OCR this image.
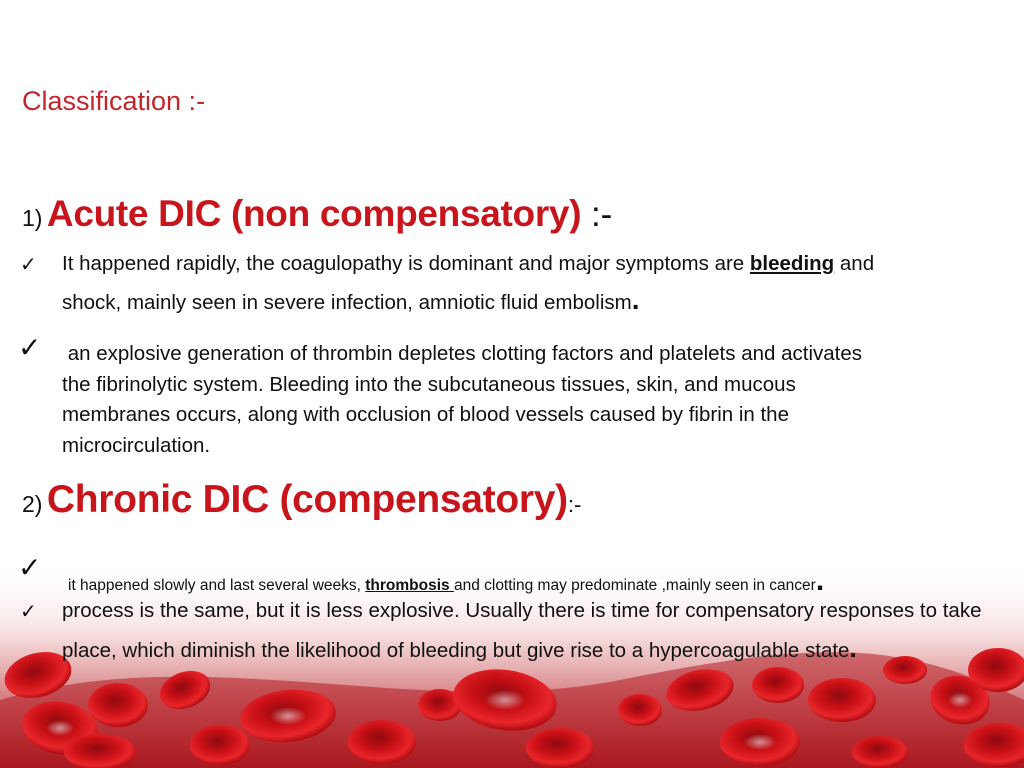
Classification :-
1) Acute DIC (non compensatory) :-
✓ It happened rapidly, the coagulopathy is dominant and major symptoms are bleeding and
shock, mainly seen in severe infection, amniotic fluid embolism.
✓ an explosive generation of thrombin depletes clotting factors and platelets and activates
the fibrinolytic system. Bleeding into the subcutaneous tissues, skin, and mucous
membranes occurs, along with occlusion of blood vessels caused by fibrin in the
microcirculation.
2) Chronic DIC (compensatory):-
✓
it happened slowly and last several weeks, thrombosis and clotting may predominate ,mainly seen in cancer.
✓ process is the same, but it is less explosive. Usually there is time for compensatory responses to take
place, which diminish the likelihood of bleeding but give rise to a hypercoagulable state.
